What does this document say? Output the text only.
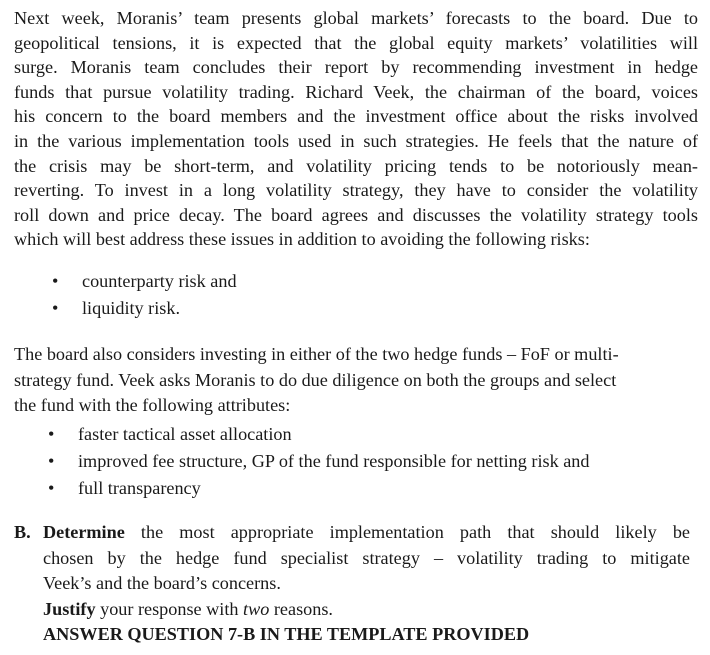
Next week, Moranis’ team presents global markets’ forecasts to the board. Due to
geopolitical tensions, it is expected that the global equity markets’ volatilities will
surge. Moranis team concludes their report by recommending investment in hedge
funds that pursue volatility trading. Richard Veek, the chairman of the board, voices
his concern to the board members and the investment office about the risks involved
in the various implementation tools used in such strategies. He feels that the nature of
the crisis may be short-term, and volatility pricing tends to be notoriously mean-
reverting. To invest in a long volatility strategy, they have to consider the volatility
roll down and price decay. The board agrees and discusses the volatility strategy tools
which will best address these issues in addition to avoiding the following risks:
• counterparty risk and
• liquidity risk.
The board also considers investing in either of the two hedge funds – FoF or multi-
strategy fund. Veek asks Moranis to do due diligence on both the groups and select
the fund with the following attributes:
• faster tactical asset allocation
• improved fee structure, GP of the fund responsible for netting risk and
• full transparency
B. Determine the most appropriate implementation path that should likely be
chosen by the hedge fund specialist strategy – volatility trading to mitigate
Veek’s and the board’s concerns.
Justify your response with two reasons.
ANSWER QUESTION 7-B IN THE TEMPLATE PROVIDED
